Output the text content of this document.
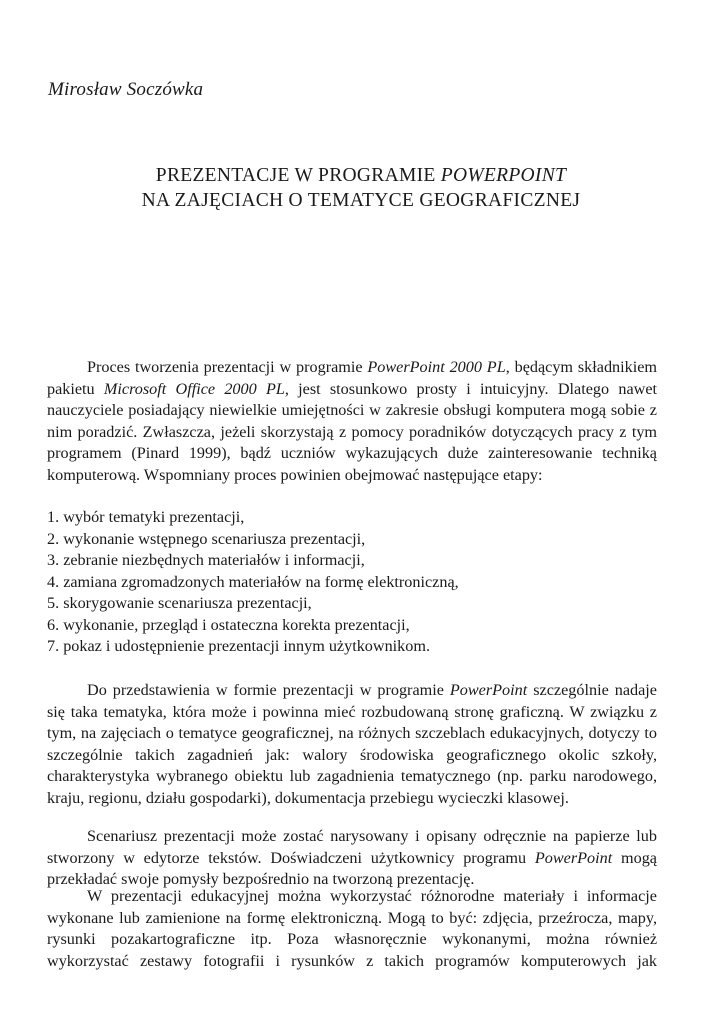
Mirosław Soczówka
PREZENTACJE W PROGRAMIE POWERPOINT
NA ZAJĘCIACH O TEMATYCE GEOGRAFICZNEJ

Proces tworzenia prezentacji w programie PowerPoint 2000 PL, będącym składnikiem pakietu Microsoft Office 2000 PL, jest stosunkowo prosty i intuicyjny. Dlatego nawet nauczyciele posiadający niewielkie umiejętności w zakresie obsługi komputera mogą sobie z nim poradzić. Zwłaszcza, jeżeli skorzystają z pomocy poradników dotyczących pracy z tym programem (Pinard 1999), bądź uczniów wykazujących duże zainteresowanie techniką komputerową. Wspomniany proces powinien obejmować następujące etapy:

1. wybór tematyki prezentacji,
2. wykonanie wstępnego scenariusza prezentacji,
3. zebranie niezbędnych materiałów i informacji,
4. zamiana zgromadzonych materiałów na formę elektroniczną,
5. skorygowanie scenariusza prezentacji,
6. wykonanie, przegląd i ostateczna korekta prezentacji,
7. pokaz i udostępnienie prezentacji innym użytkownikom.

Do przedstawienia w formie prezentacji w programie PowerPoint szczególnie nadaje się taka tematyka, która może i powinna mieć rozbudowaną stronę graficzną. W związku z tym, na zajęciach o tematyce geograficznej, na różnych szczeblach edukacyjnych, dotyczy to szczególnie takich zagadnień jak: walory środowiska geograficznego okolic szkoły, charakterystyka wybranego obiektu lub zagadnienia tematycznego (np. parku narodowego, kraju, regionu, działu gospodarki), dokumentacja przebiegu wycieczki klasowej.

Scenariusz prezentacji może zostać narysowany i opisany odręcznie na papierze lub stworzony w edytorze tekstów. Doświadczeni użytkownicy programu PowerPoint mogą przekładać swoje pomysły bezpośrednio na tworzoną prezentację.

W prezentacji edukacyjnej można wykorzystać różnorodne materiały i informacje wykonane lub zamienione na formę elektroniczną. Mogą to być: zdjęcia, przeźrocza, mapy, rysunki pozakartograficzne itp. Poza własnoręcznie wykonanymi, można również wykorzystać zestawy fotografii i rysunków z takich programów komputerowych jak
